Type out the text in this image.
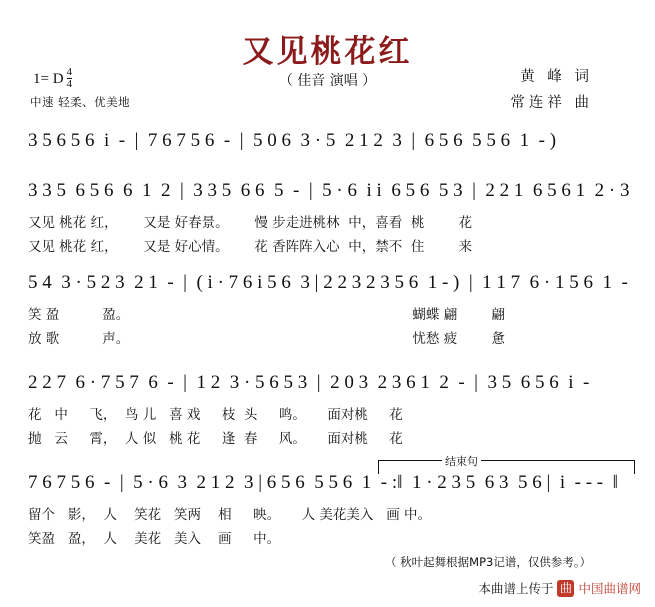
又见桃花红
（ 佳音 演唱 ）
1= D $\frac{4}{4}$
中速 轻柔、优美地
黄 峰 词
常连祥 曲
3 5 6 5 6  i  -  |  7 6 7 5 6  -  |  5 0 6  3 · 5  2 1 2  3  |  6 5 6  5 5 6  1  - )
3 3 5  6 5 6  6  1  2  |  3 3 5  6 6  5  -  |  5 · 6  i i  6 5 6  5 3  |  2 2 1  6 5 6 1  2 · 3
又见 桃花 红，      又是 好春景。      慢 步走进桃林  中，喜看  桃        花
又见 桃花 红，      又是 好心情。      花 香阵阵入心  中，禁不  住        来
5 4  3 · 5 2 3  2 1  -  |  ( i · 7 6 i 5 6  3 | 2 2 3 2 3 5 6  1 - )  |  1 1 7  6 · 1 5 6  1  -
笑 盈          盈。                                                                  蝴蝶 翩        翩
放 歌          声。                                                                  忧愁 疲        惫
2 2 7  6 · 7 5 7  6  -  |  1 2  3 · 5 6 5 3  |  2 0 3  2 3 6 1  2  -  |  3 5  6 5 6  i  -
花   中     飞，  鸟 儿   喜 戏     枝  头     鸣。     面对桃     花
抛   云     霄，  人 似   桃 花     逢  春     风。     面对桃     花
结束句
7 6 7 5 6  -  |  5 · 6  3  2 1 2  3 | 6 5 6  5 5 6  1  - :‖  1 · 2 3 5  6 3  5 6 |  i  - - -  ‖
留个   影，  人    笑花   笑两    相     映。     人 美花美入   画 中。
笑盈   盈，  人    美花   美入    画     中。
（ 秋叶起舞根据MP3记谱，仅供参考。）
本曲谱上传于 曲 中国曲谱网
